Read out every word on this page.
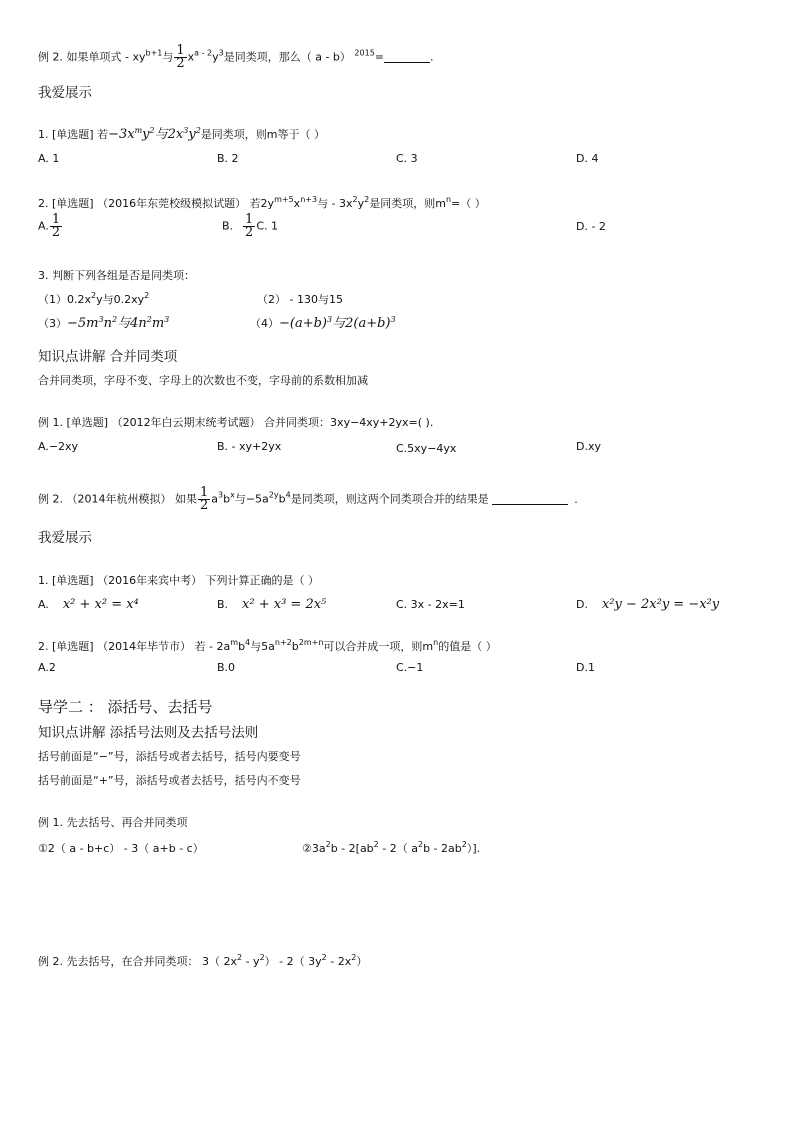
例 2. 如果单项式 - $xy^{b+1}$与 $\frac{1}{2} x^{a - 2}y^3$是同类项，那么（ a - b） $^{2015}$=	.
我爱展示
1. [单选题] 若$-3x^my^2$与$2x^3y^2$是同类项，则m等于（ ）
A. 1	B. 2	C. 3	D. 4
2. [单选题] （2016年东莞校级模拟试题） 若$2y^{m+5}x^{n+3}$与 - $3x^2y^2$是同类项，则$m^n=$（ ）
A. $\frac{1}{2}$	B. $\frac{1}{2} C$. 1	D. - 2
3. 判断下列各组是否是同类项：
$(1)0.2x^2y$与$0.2xy^2$	（2） - 130与15
$(3)-5m^3n^2$与$4n^2m^3$	$(4)-(a+b)^3$与$2(a+b)^3$
知识点讲解 合并同类项
合并同类项，字母不变、字母上的次数也不变，字母前的系数相加减
例 1. [单选题] （2012年白云期末统考试题） 合并同类项：3xy−4xy+2yx=( ).
A.−2xy	B. - xy+2yx	C.5xy−4yx	D.xy
例 2. （2014年杭州模拟） 如果 $\frac{1}{2} a^3b^x$与$-5a^{2y}b^4$是同类项，则这两个同类项合并的结果是	.
我爱展示
1. [单选题] （2016年来宾中考） 下列计算正确的是（ ）
A. x² + x² = x⁴	B. x² + x³ = 2x⁵	C. 3x - 2x=1	D. x²y − 2x²y = −x²y
2. [单选题] （2014年毕节市） 若 - $2a^mb^4$与$5a^{n+2}b^{2m+n}$可以合并成一项，则$m^n$的值是（ ）
A.2	B.0	C.−1	D.1
导学二 ： 添括号、去括号
知识点讲解 添括号法则及去括号法则
括号前面是“−”号，添括号或者去括号，括号内要变号
括号前面是“+”号，添括号或者去括号，括号内不变号
例 1. 先去括号、再合并同类项
①2（ a - b+c） - 3（ a+b - c）	$②3a^2b - 2[ab^2 - 2$（ $a^2b - 2ab^2$）].
例 2. 先去括号，在合并同类项： 3（ $2x^2 - y^2) - 2$（ $3y^2 - 2x^2$）
